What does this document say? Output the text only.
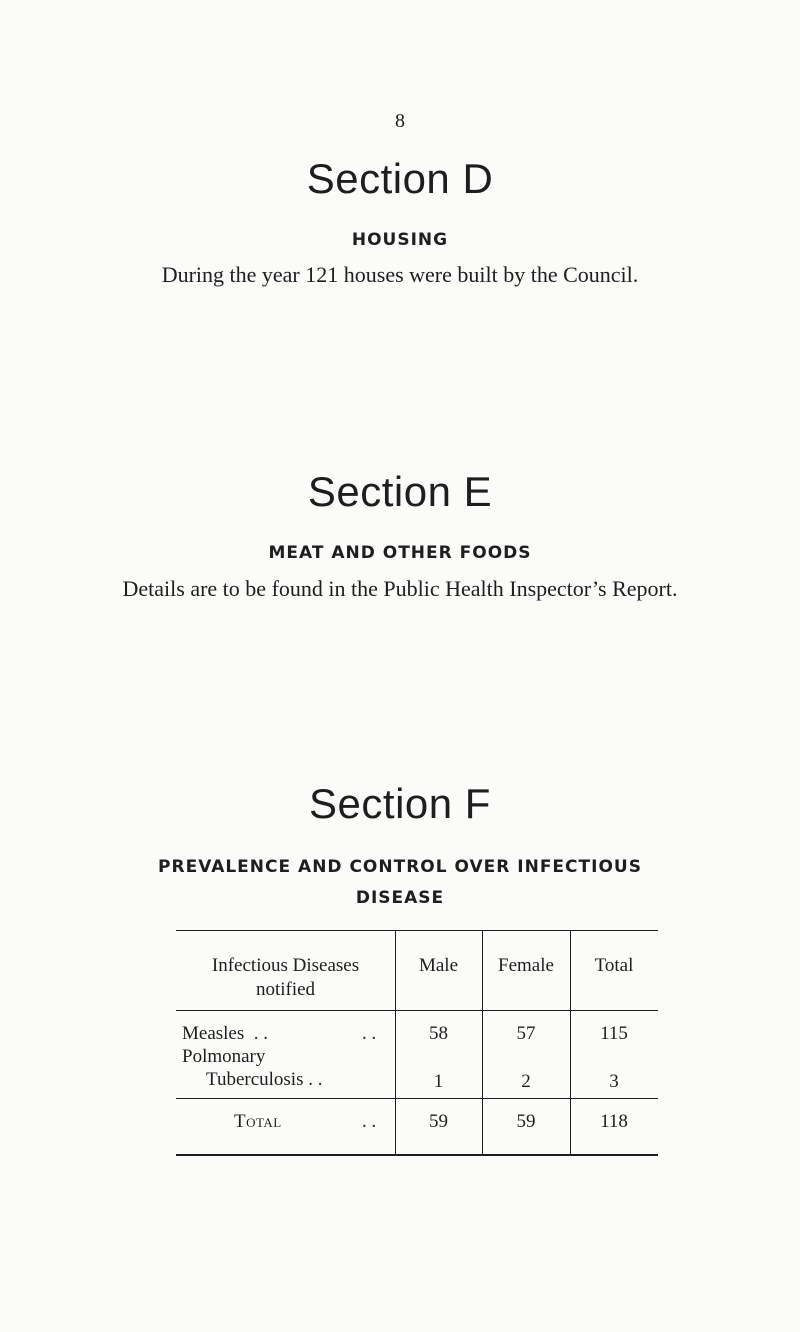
8
Section D
HOUSING
During the year 121 houses were built by the Council.
Section E
MEAT AND OTHER FOODS
Details are to be found in the Public Health Inspector’s Report.
Section F
PREVALENCE AND CONTROL OVER INFECTIOUS
DISEASE
Infectious Diseases
notified
Male	Female	Total
Measles  . .	. .	58	57	115
Polmonary
Tuberculosis . .	1	2	3
Total	. .	59	59	118
